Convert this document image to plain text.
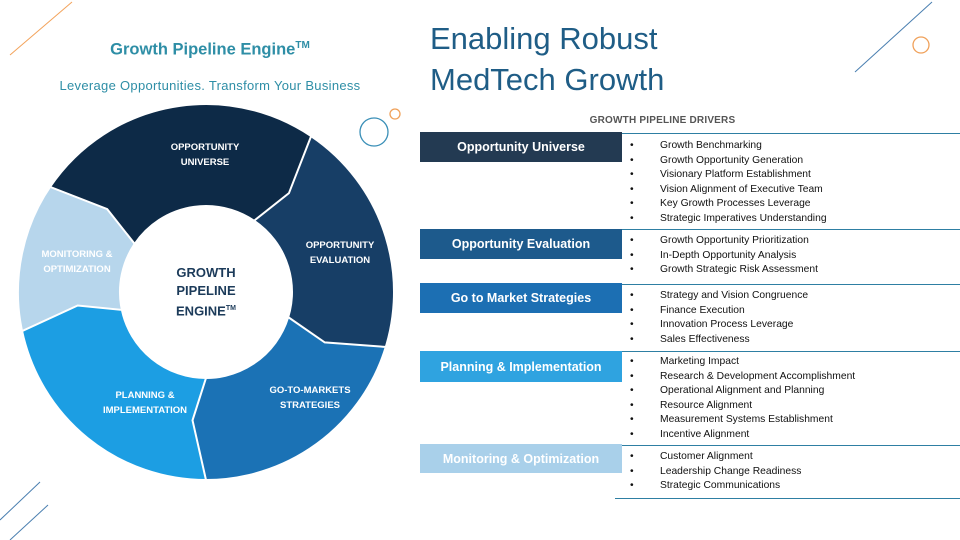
Growth Pipeline Engine™
Leverage Opportunities. Transform Your Business
Enabling Robust
MedTech Growth
GROWTH PIPELINE DRIVERS
OPPORTUNITY
UNIVERSE
OPPORTUNITY
EVALUATION
GO-TO-MARKETS
STRATEGIES
PLANNING &
IMPLEMENTATION
MONITORING &
OPTIMIZATION	GROWTH
PIPELINE
ENGINE™
Opportunity Universe	• Growth Benchmarking
• Growth Opportunity Generation
• Visionary Platform Establishment
• Vision Alignment of Executive Team
• Key Growth Processes Leverage
• Strategic Imperatives Understanding
Opportunity Evaluation	• Growth Opportunity Prioritization
• In-Depth Opportunity Analysis
• Growth Strategic Risk Assessment
Go to Market Strategies	• Strategy and Vision Congruence
• Finance Execution
• Innovation Process Leverage
• Sales Effectiveness
Planning & Implementation	• Marketing Impact
• Research & Development Accomplishment
• Operational Alignment and Planning
• Resource Alignment
• Measurement Systems Establishment
• Incentive Alignment
Monitoring & Optimization	• Customer Alignment
• Leadership Change Readiness
• Strategic Communications
